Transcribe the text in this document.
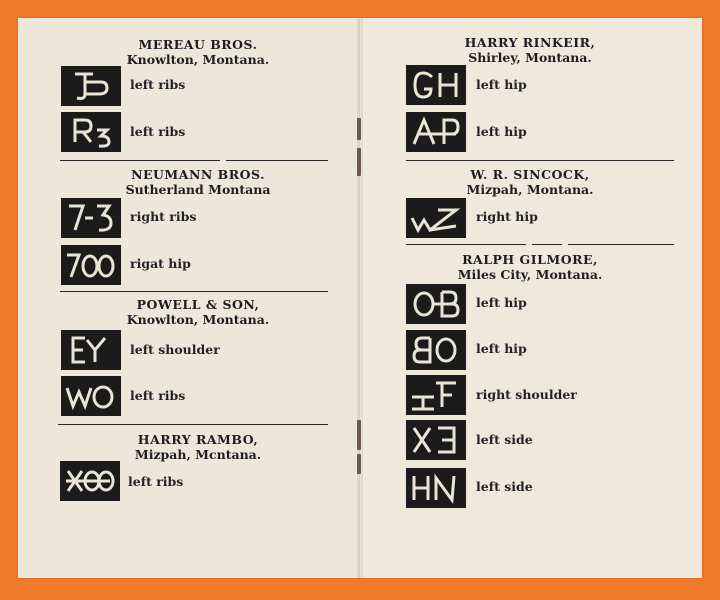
MEREAU BROS.
Knowlton, Montana.
left ribs
left ribs
NEUMANN BROS.
Sutherland Montana
right ribs
rigat hip
POWELL & SON,
Knowlton, Montana.
left shoulder
left ribs
HARRY RAMBO,
Mizpah, Mcntana.
left ribs
HARRY RINKEIR,
Shirley, Montana.
left hip
left hip
W. R. SINCOCK,
Mizpah, Montana.
right hip
RALPH GILMORE,
Miles City, Montana.
left hip
left hip
right shoulder
left side
left side
